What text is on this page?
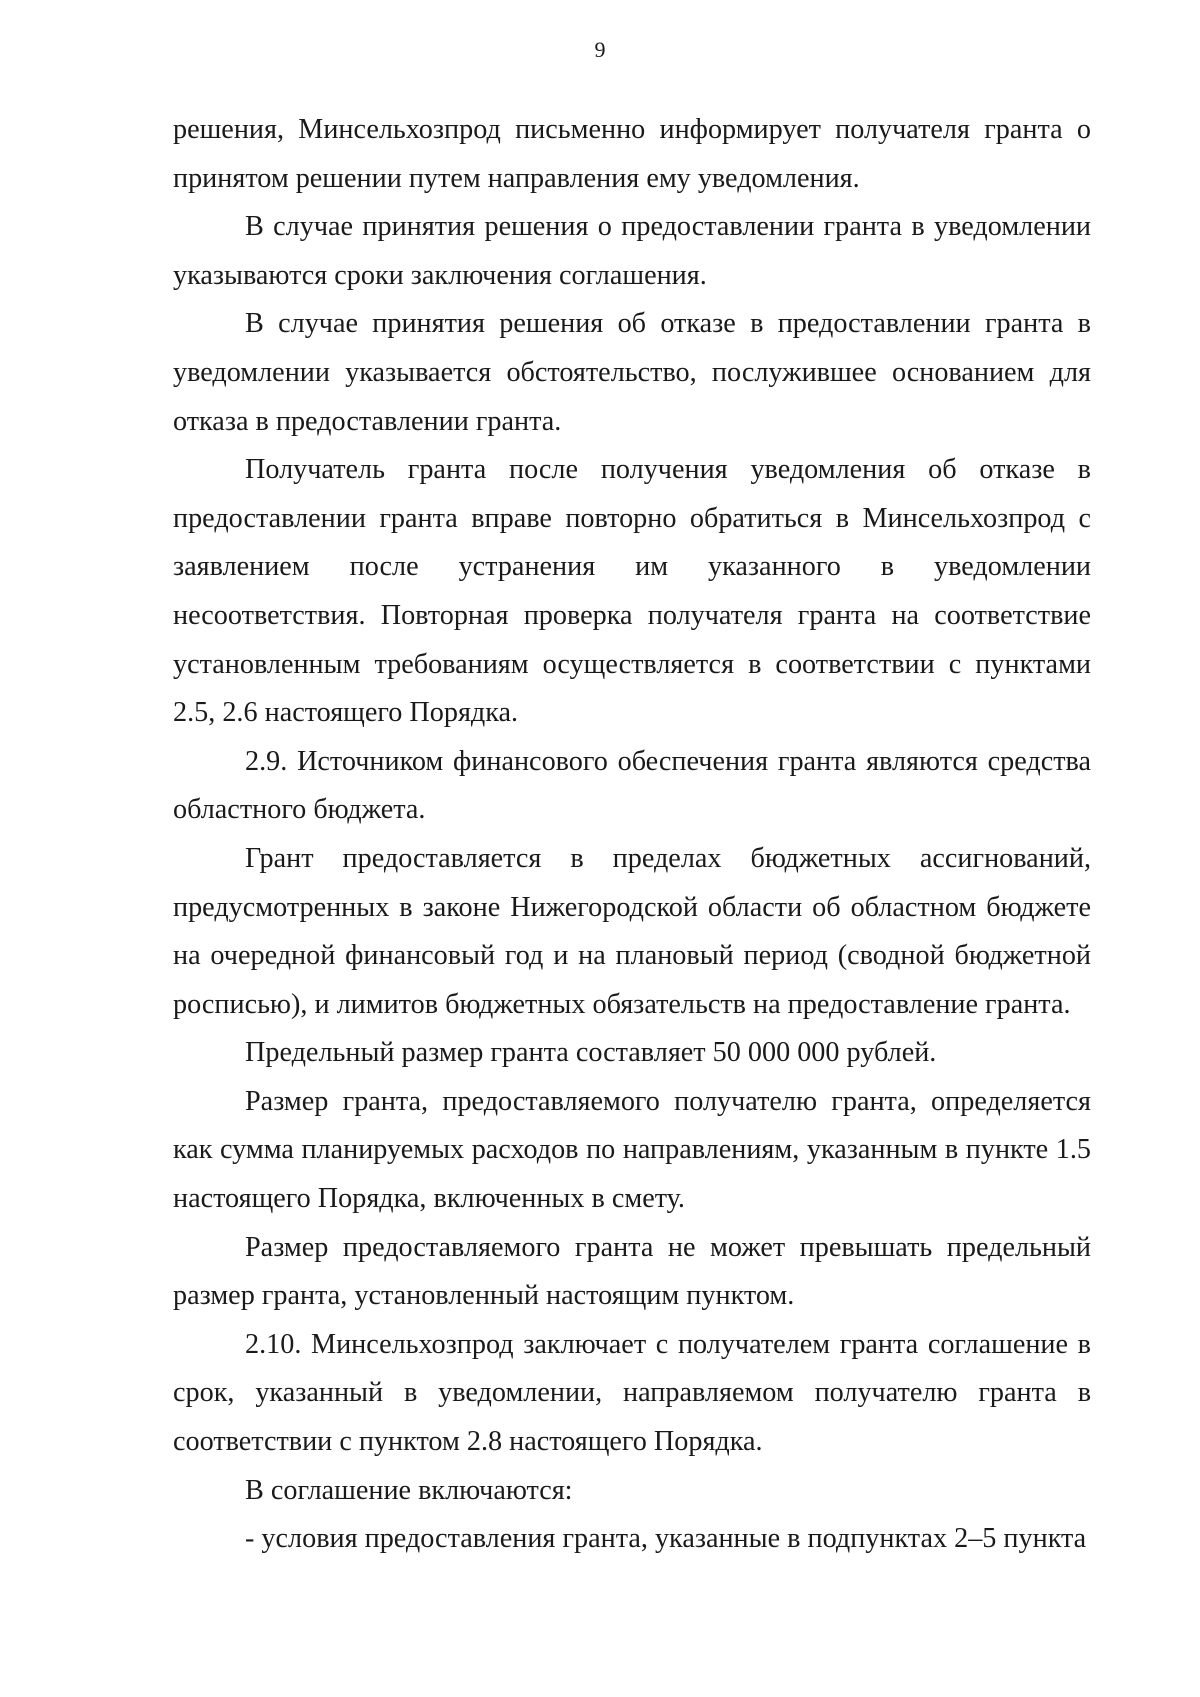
9

решения, Минсельхозпрод письменно информирует получателя гранта о принятом решении путем направления ему уведомления.

В случае принятия решения о предоставлении гранта в уведомлении указываются сроки заключения соглашения.

В случае принятия решения об отказе в предоставлении гранта в уведомлении указывается обстоятельство, послужившее основанием для отказа в предоставлении гранта.

Получатель гранта после получения уведомления об отказе в предоставлении гранта вправе повторно обратиться в Минсельхозпрод с заявлением после устранения им указанного в уведомлении несоответствия. Повторная проверка получателя гранта на соответствие установленным требованиям осуществляется в соответствии с пунктами 2.5, 2.6 настоящего Порядка.

2.9. Источником финансового обеспечения гранта являются средства областного бюджета.

Грант предоставляется в пределах бюджетных ассигнований, предусмотренных в законе Нижегородской области об областном бюджете на очередной финансовый год и на плановый период (сводной бюджетной росписью), и лимитов бюджетных обязательств на предоставление гранта.

Предельный размер гранта составляет 50 000 000 рублей.

Размер гранта, предоставляемого получателю гранта, определяется как сумма планируемых расходов по направлениям, указанным в пункте 1.5 настоящего Порядка, включенных в смету.

Размер предоставляемого гранта не может превышать предельный размер гранта, установленный настоящим пунктом.

2.10. Минсельхозпрод заключает с получателем гранта соглашение в срок, указанный в уведомлении, направляемом получателю гранта в соответствии с пунктом 2.8 настоящего Порядка.

В соглашение включаются:

- условия предоставления гранта, указанные в подпунктах 2–5 пункта
